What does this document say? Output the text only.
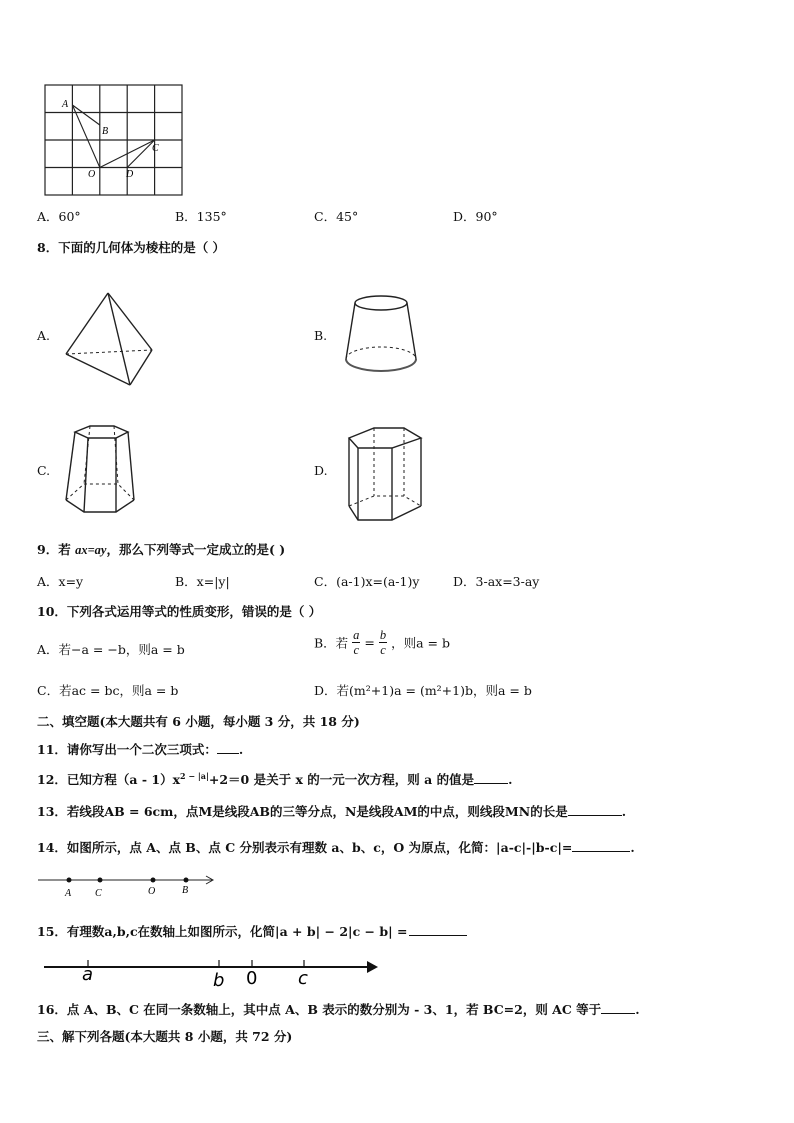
A
B
C
O	D
A．60°	B．135°	C．45°	D．90°
8．下面的几何体为棱柱的是（ ）
A.	B.
C.	D.
9．若 ax=ay，那么下列等式一定成立的是( )
A．x=y	B．x=|y|	C．(a-1)x=(a-1)y	D．3-ax=3-ay
10．下列各式运用等式的性质变形，错误的是（ ）
A．若−a = −b，则a = b	B．若 $\frac{a}{c} = \frac{b}{c}$ ，则a = b
C．若ac = bc，则a = b	D．若(m²+1)a = (m²+1)b，则a = b
二、填空题(本大题共有 6 小题，每小题 3 分，共 18 分)
11．请你写出一个二次三项式： .
12．已知方程$(a - 1)x^{2 - |a|}+2=0$ 是关于 x 的一元一次方程，则 a 的值是	.
13．若线段AB = 6cm，点M是线段AB的三等分点，N是线段AM的中点，则线段MN的长是	.
14．如图所示，点 A、点 B、点 C 分别表示有理数 a、b、c，O 为原点，化简：|a-c|-|b-c|=	.
A C	O	B
15．有理数a,b,c在数轴上如图所示，化简|a + b| − 2|c − b| =
a	b 0 c
16．点 A、B、C 在同一条数轴上，其中点 A、B 表示的数分别为 - 3、1，若 BC=2，则 AC 等于	.
三、解下列各题(本大题共 8 小题，共 72 分)
